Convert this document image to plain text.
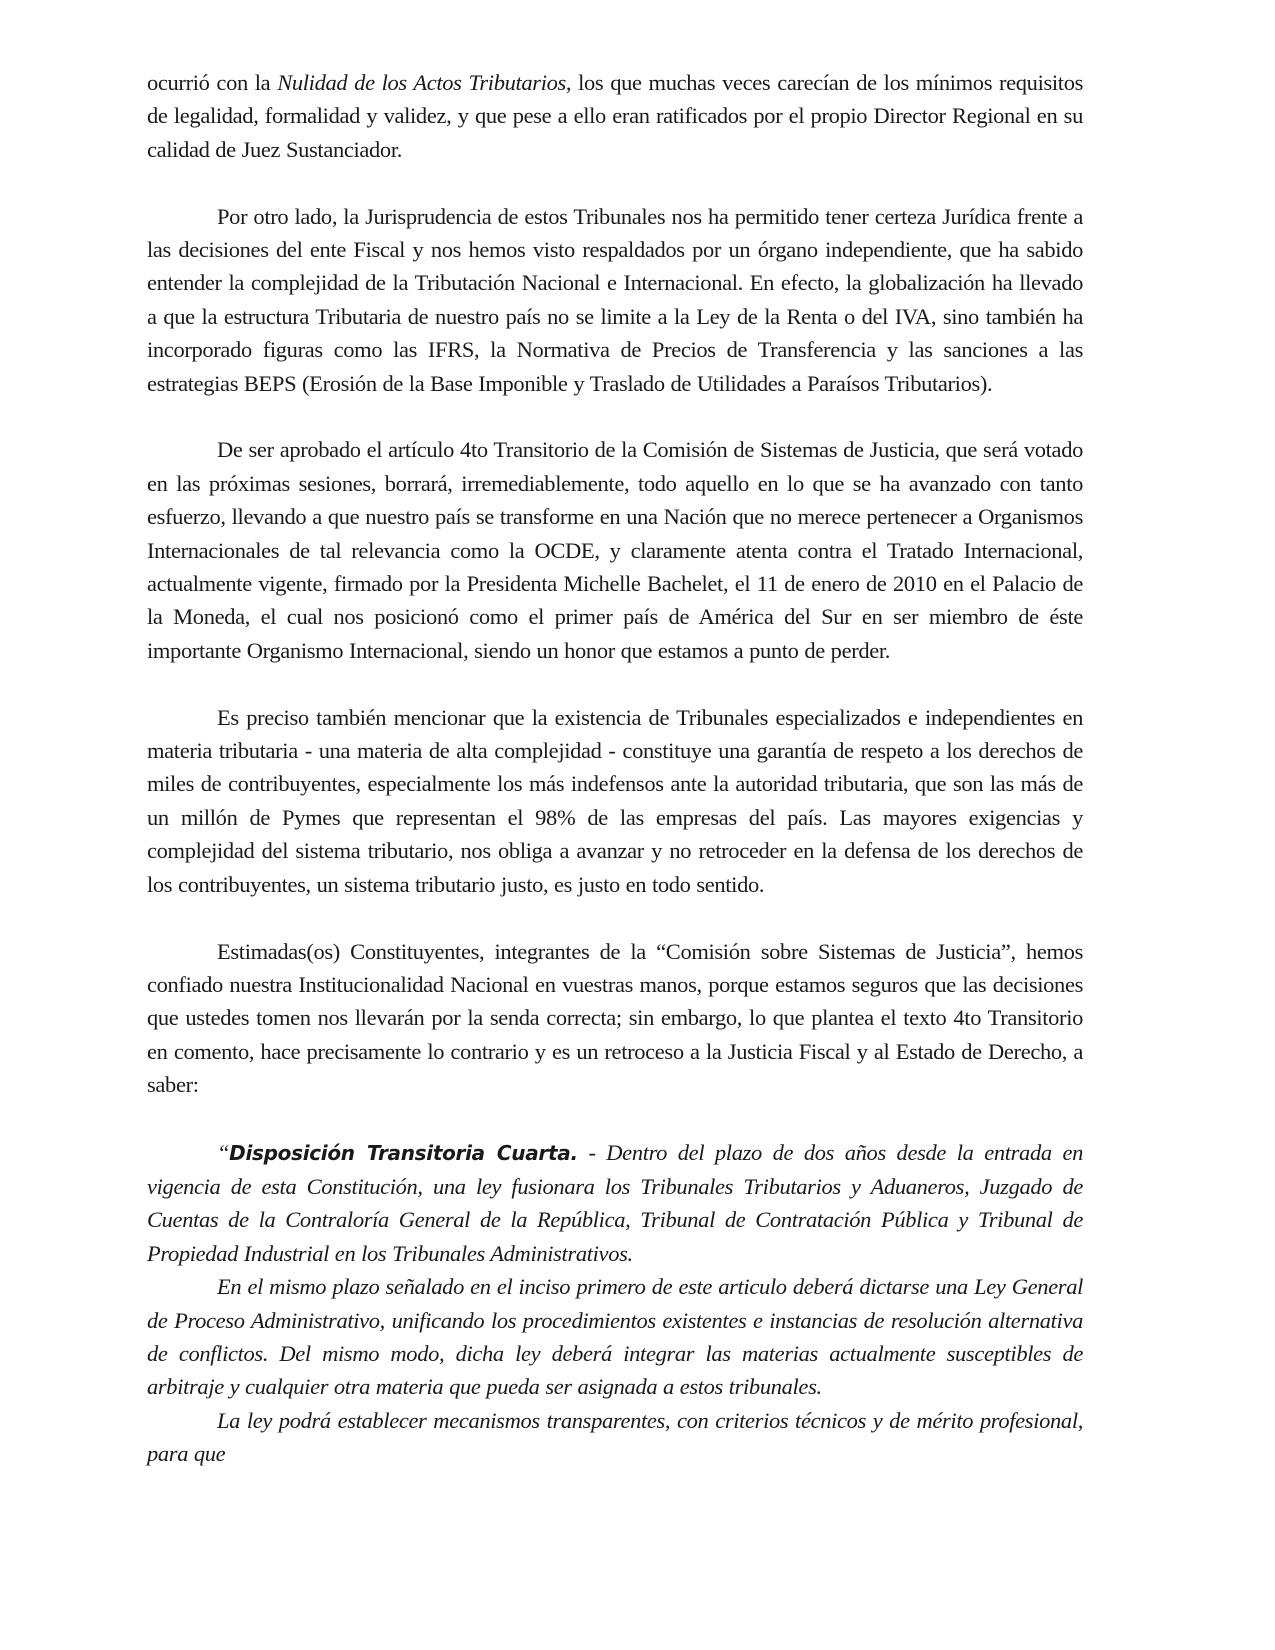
ocurrió con la Nulidad de los Actos Tributarios, los que muchas veces carecían de los mínimos requisitos de legalidad, formalidad y validez, y que pese a ello eran ratificados por el propio Director Regional en su calidad de Juez Sustanciador.

Por otro lado, la Jurisprudencia de estos Tribunales nos ha permitido tener certeza Jurídica frente a las decisiones del ente Fiscal y nos hemos visto respaldados por un órgano independiente, que ha sabido entender la complejidad de la Tributación Nacional e Internacional. En efecto, la globalización ha llevado a que la estructura Tributaria de nuestro país no se limite a la Ley de la Renta o del IVA, sino también ha incorporado figuras como las IFRS, la Normativa de Precios de Transferencia y las sanciones a las estrategias BEPS (Erosión de la Base Imponible y Traslado de Utilidades a Paraísos Tributarios).

De ser aprobado el artículo 4to Transitorio de la Comisión de Sistemas de Justicia, que será votado en las próximas sesiones, borrará, irremediablemente, todo aquello en lo que se ha avanzado con tanto esfuerzo, llevando a que nuestro país se transforme en una Nación que no merece pertenecer a Organismos Internacionales de tal relevancia como la OCDE, y claramente atenta contra el Tratado Internacional, actualmente vigente, firmado por la Presidenta Michelle Bachelet, el 11 de enero de 2010 en el Palacio de la Moneda, el cual nos posicionó como el primer país de América del Sur en ser miembro de éste importante Organismo Internacional, siendo un honor que estamos a punto de perder.

Es preciso también mencionar que la existencia de Tribunales especializados e independientes en materia tributaria - una materia de alta complejidad - constituye una garantía de respeto a los derechos de miles de contribuyentes, especialmente los más indefensos ante la autoridad tributaria, que son las más de un millón de Pymes que representan el 98% de las empresas del país. Las mayores exigencias y complejidad del sistema tributario, nos obliga a avanzar y no retroceder en la defensa de los derechos de los contribuyentes, un sistema tributario justo, es justo en todo sentido.

Estimadas(os) Constituyentes, integrantes de la “Comisión sobre Sistemas de Justicia”, hemos confiado nuestra Institucionalidad Nacional en vuestras manos, porque estamos seguros que las decisiones que ustedes tomen nos llevarán por la senda correcta; sin embargo, lo que plantea el texto 4to Transitorio en comento, hace precisamente lo contrario y es un retroceso a la Justicia Fiscal y al Estado de Derecho, a saber:

“Disposición Transitoria Cuarta. - Dentro del plazo de dos años desde la entrada en vigencia de esta Constitución, una ley fusionara los Tribunales Tributarios y Aduaneros, Juzgado de Cuentas de la Contraloría General de la República, Tribunal de Contratación Pública y Tribunal de Propiedad Industrial en los Tribunales Administrativos.

En el mismo plazo señalado en el inciso primero de este articulo deberá dictarse una Ley General de Proceso Administrativo, unificando los procedimientos existentes e instancias de resolución alternativa de conflictos. Del mismo modo, dicha ley deberá integrar las materias actualmente susceptibles de arbitraje y cualquier otra materia que pueda ser asignada a estos tribunales.

La ley podrá establecer mecanismos transparentes, con criterios técnicos y de mérito profesional, para que
